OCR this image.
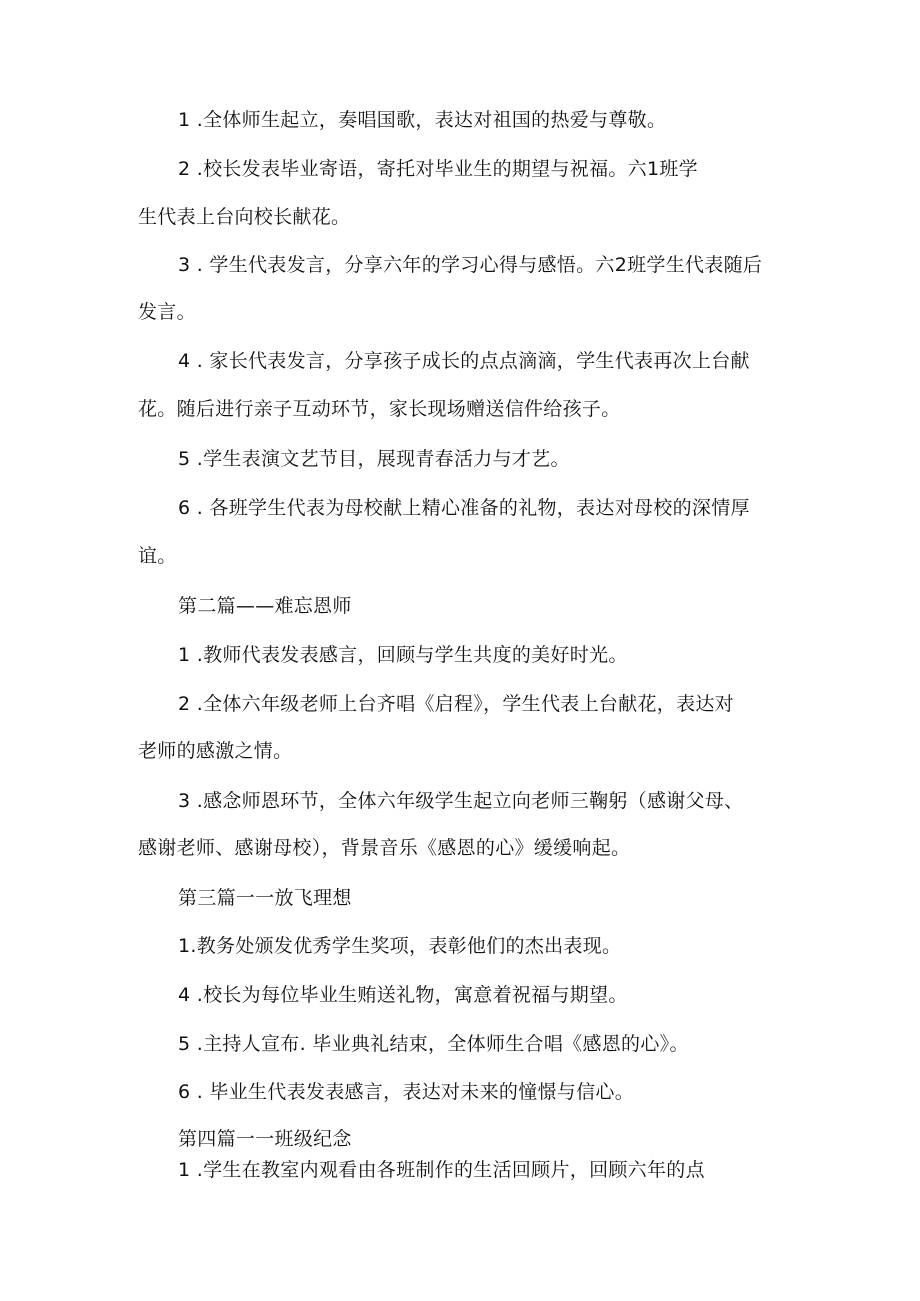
1 .全体师生起立，奏唱国歌，表达对祖国的热爱与尊敬。
2 .校长发表毕业寄语，寄托对毕业生的期望与祝福。六1班学
生代表上台向校长献花。
3 . 学生代表发言，分享六年的学习心得与感悟。六2班学生代表随后
发言。
4 . 家长代表发言，分享孩子成长的点点滴滴，学生代表再次上台献
花。随后进行亲子互动环节，家长现场赠送信件给孩子。
5 .学生表演文艺节目，展现青春活力与才艺。
6 . 各班学生代表为母校献上精心准备的礼物，表达对母校的深情厚
谊。
第二篇——难忘恩师
1 .教师代表发表感言，回顾与学生共度的美好时光。
2 .全体六年级老师上台齐唱《启程》，学生代表上台献花，表达对
老师的感激之情。
3 .感念师恩环节，全体六年级学生起立向老师三鞠躬（感谢父母、
感谢老师、感谢母校），背景音乐《感恩的心》缓缓响起。
第三篇一一放飞理想
1.教务处颁发优秀学生奖项，表彰他们的杰出表现。
4 .校长为每位毕业生贿送礼物，寓意着祝福与期望。
5 .主持人宣布. 毕业典礼结束，全体师生合唱《感恩的心》。
6 . 毕业生代表发表感言，表达对未来的憧憬与信心。
第四篇一一班级纪念
1 .学生在教室内观看由各班制作的生活回顾片，回顾六年的点
